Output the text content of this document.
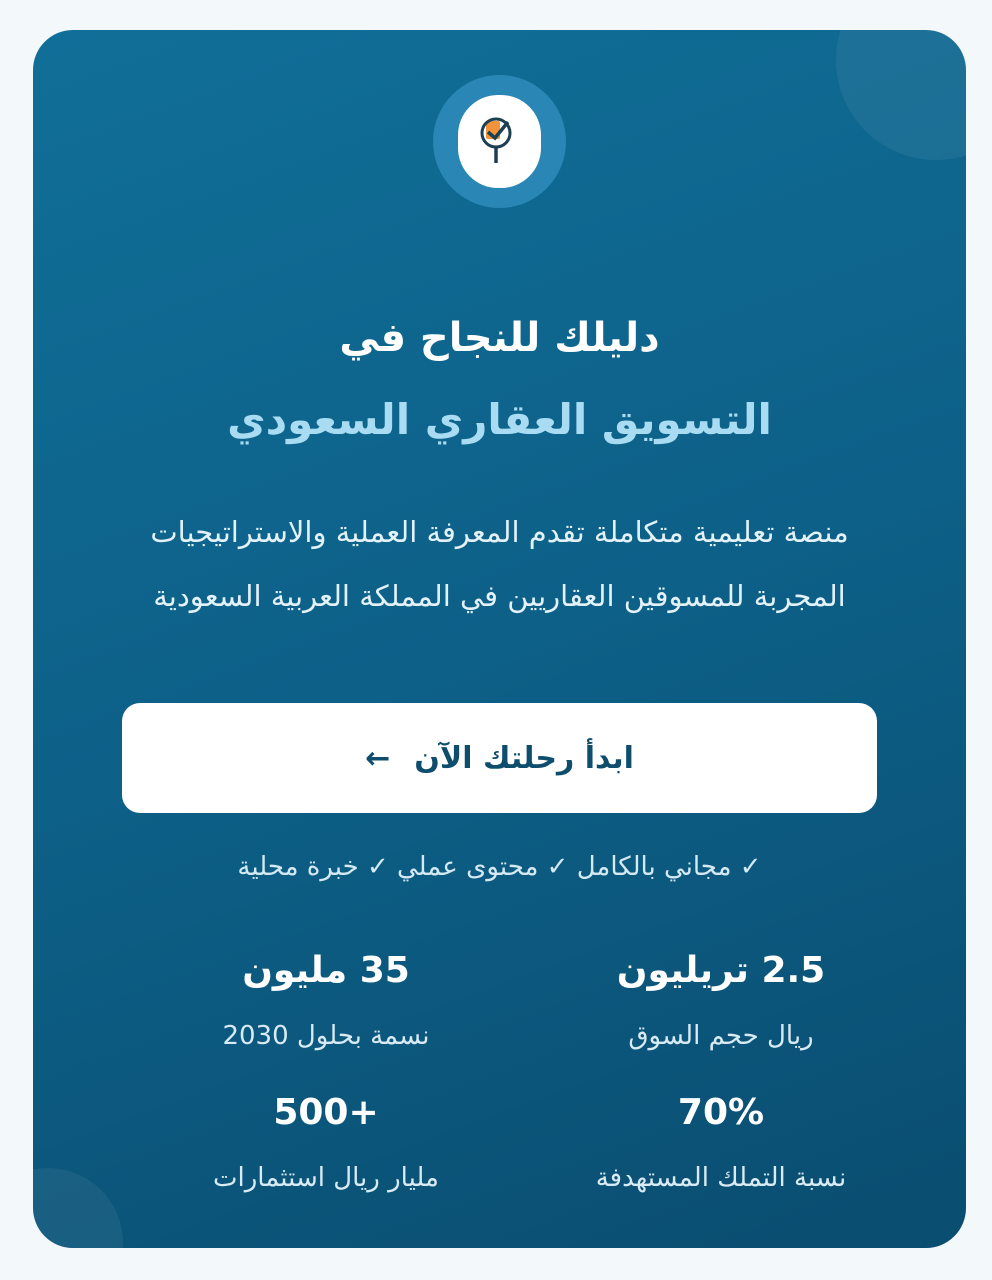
دليلك للنجاح في
التسويق العقاري السعودي
منصة تعليمية متكاملة تقدم المعرفة العملية والاستراتيجيات المجربة للمسوقين العقاريين في المملكة العربية السعودية
ابدأ رحلتك الآن
←
✓ مجاني بالكامل ✓ محتوى عملي ✓ خبرة محلية
2.5 تريليون
ريال حجم السوق
35 مليون
نسمة بحلول 2030
70%
نسبة التملك المستهدفة
+500
مليار ريال استثمارات
